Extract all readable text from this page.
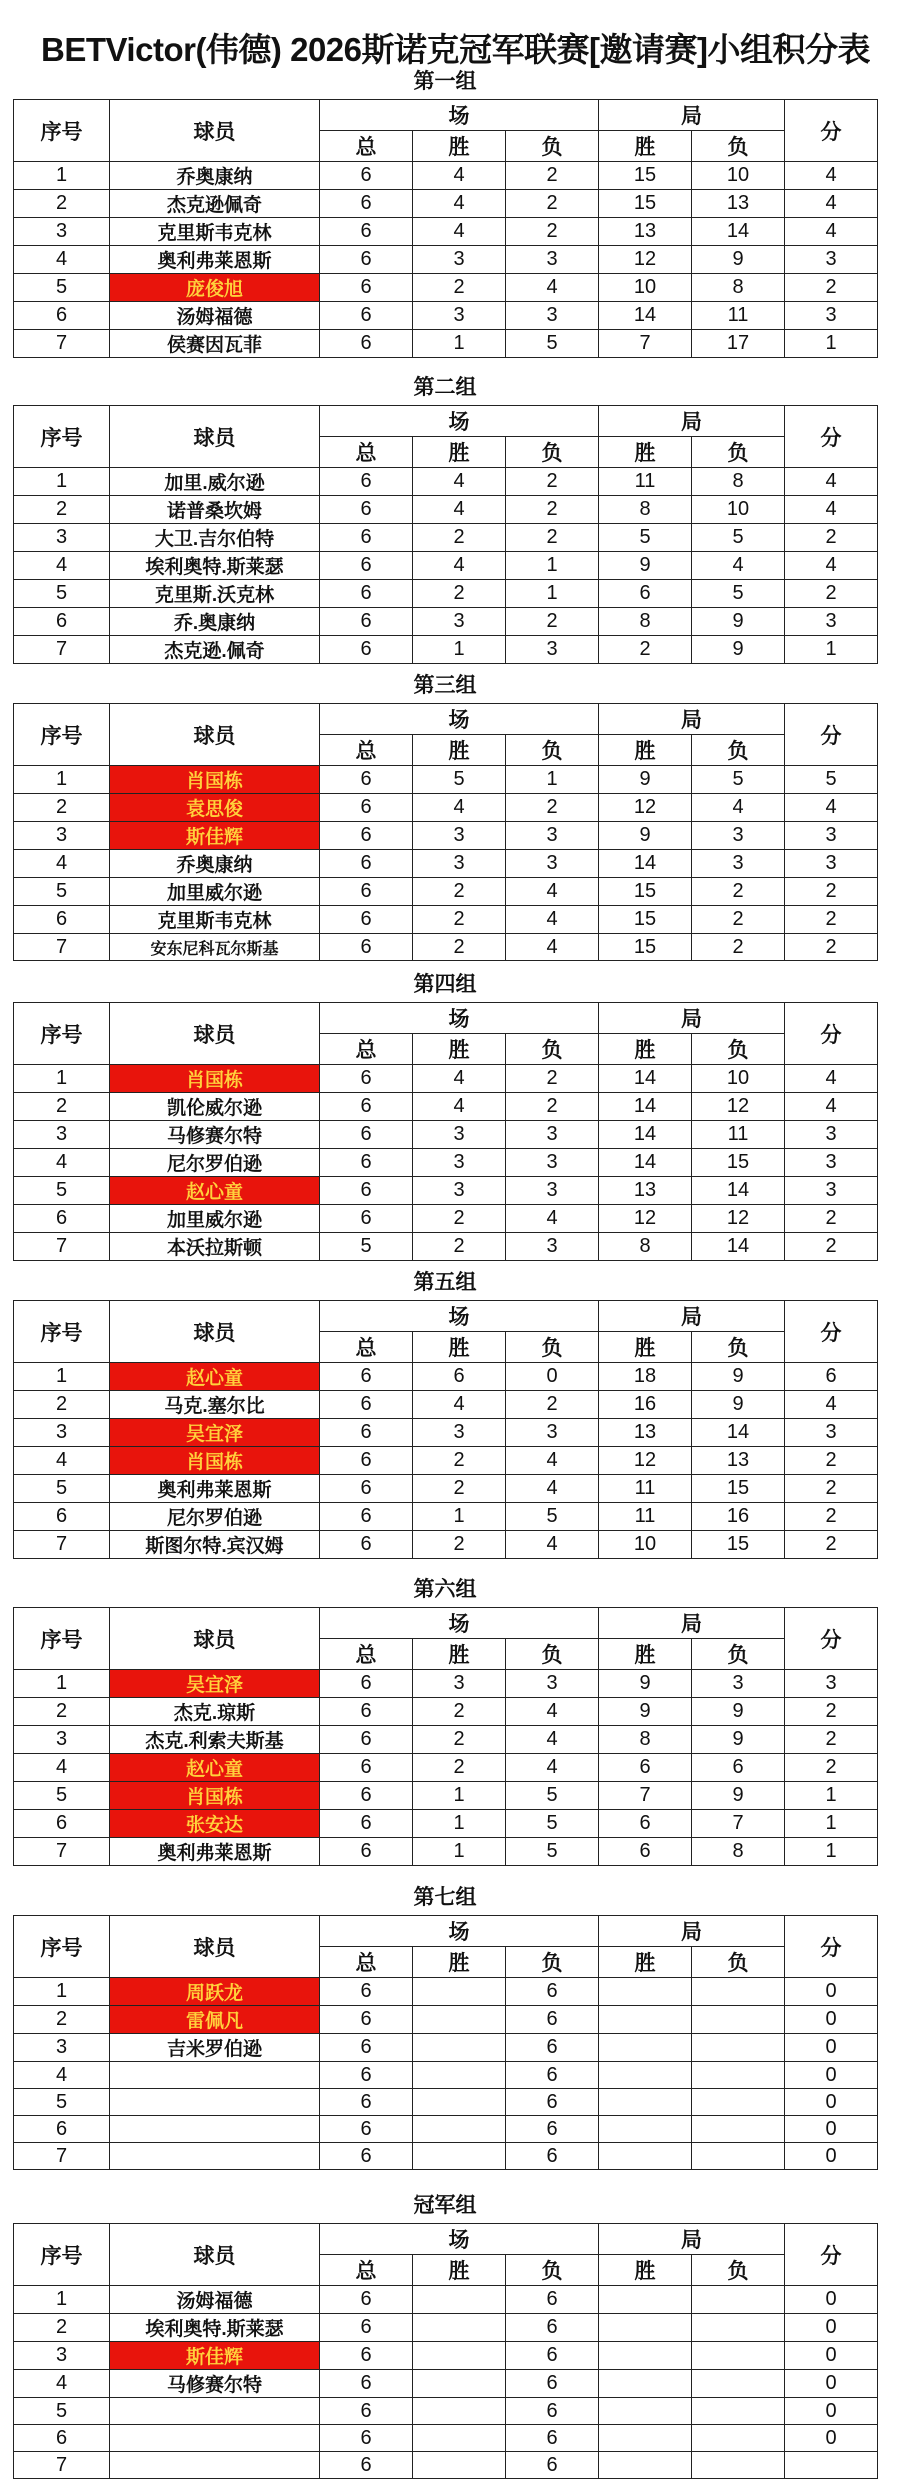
BETVictor(伟德) 2026斯诺克冠军联赛[邀请赛]小组积分表
第一组
序号	球员	场			局		分
		总	胜	负	胜	负	
1	乔奥康纳	6	4	2	15	10	4
2	杰克逊佩奇	6	4	2	15	13	4
3	克里斯韦克林	6	4	2	13	14	4
4	奥利弗莱恩斯	6	3	3	12	9	3
5	庞俊旭	6	2	4	10	8	2
6	汤姆福德	6	3	3	14	11	3
7	侯赛因瓦菲	6	1	5	7	17	1
第二组
序号	球员	场			局		分
		总	胜	负	胜	负	
1	加里.威尔逊	6	4	2	11	8	4
2	诺普桑坎姆	6	4	2	8	10	4
3	大卫.吉尔伯特	6	2	2	5	5	2
4	埃利奥特.斯莱瑟	6	4	1	9	4	4
5	克里斯.沃克林	6	2	1	6	5	2
6	乔.奥康纳	6	3	2	8	9	3
7	杰克逊.佩奇	6	1	3	2	9	1
第三组
序号	球员	场			局		分
		总	胜	负	胜	负	
1	肖国栋	6	5	1	9	5	5
2	袁思俊	6	4	2	12	4	4
3	斯佳辉	6	3	3	9	3	3
4	乔奥康纳	6	3	3	14	3	3
5	加里威尔逊	6	2	4	15	2	2
6	克里斯韦克林	6	2	4	15	2	2
7	安东尼科瓦尔斯基	6	2	4	15	2	2
第四组
序号	球员	场			局		分
		总	胜	负	胜	负	
1	肖国栋	6	4	2	14	10	4
2	凯伦威尔逊	6	4	2	14	12	4
3	马修赛尔特	6	3	3	14	11	3
4	尼尔罗伯逊	6	3	3	14	15	3
5	赵心童	6	3	3	13	14	3
6	加里威尔逊	6	2	4	12	12	2
7	本沃拉斯顿	5	2	3	8	14	2
第五组
序号	球员	场			局		分
		总	胜	负	胜	负	
1	赵心童	6	6	0	18	9	6
2	马克.塞尔比	6	4	2	16	9	4
3	吴宜泽	6	3	3	13	14	3
4	肖国栋	6	2	4	12	13	2
5	奥利弗莱恩斯	6	2	4	11	15	2
6	尼尔罗伯逊	6	1	5	11	16	2
7	斯图尔特.宾汉姆	6	2	4	10	15	2
第六组
序号	球员	场			局		分
		总	胜	负	胜	负	
1	吴宜泽	6	3	3	9	3	3
2	杰克.琼斯	6	2	4	9	9	2
3	杰克.利索夫斯基	6	2	4	8	9	2
4	赵心童	6	2	4	6	6	2
5	肖国栋	6	1	5	7	9	1
6	张安达	6	1	5	6	7	1
7	奥利弗莱恩斯	6	1	5	6	8	1
第七组
序号	球员	场			局		分
		总	胜	负	胜	负	
1	周跃龙	6		6			0
2	雷佩凡	6		6			0
3	吉米罗伯逊	6		6			0
4		6		6			0
5		6		6			0
6		6		6			0
7		6		6			0
冠军组
序号	球员	场			局		分
		总	胜	负	胜	负	
1	汤姆福德	6		6			0
2	埃利奥特.斯莱瑟	6		6			0
3	斯佳辉	6		6			0
4	马修赛尔特	6		6			0
5		6		6			0
6		6		6			0
7		6		6			
